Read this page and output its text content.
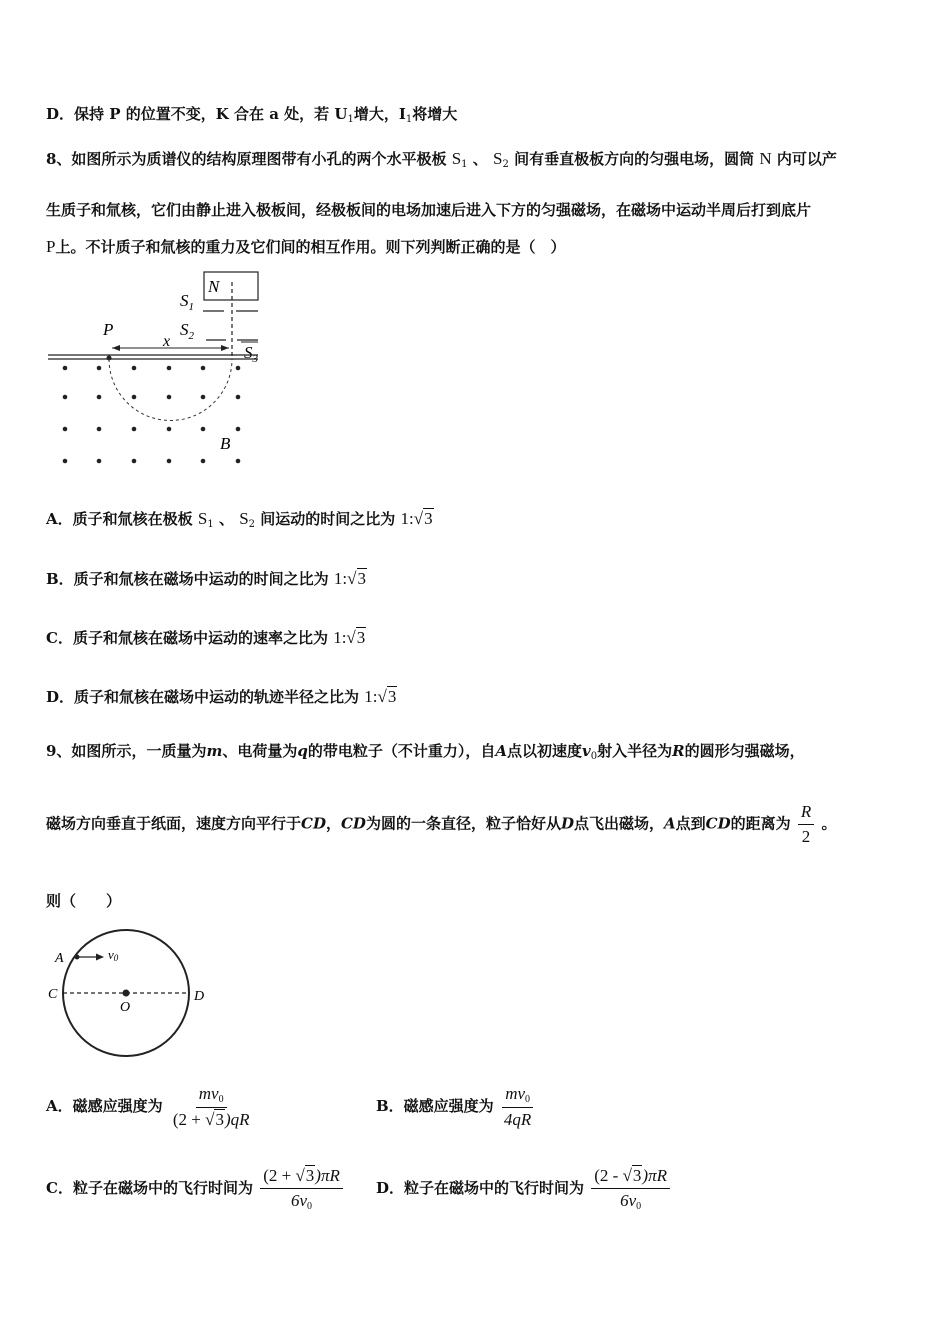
D．保持 P 的位置不变，K 合在 a 处，若 $U_1$增大，$I_1$将增大
8、如图所示为质谱仪的结构原理图带有小孔的两个水平极板 $S_1$ 、 $S_2$ 间有垂直极板方向的匀强电场，圆筒 N 内可以产
生质子和氚核，它们由静止进入极板间，经极板间的电场加速后进入下方的匀强磁场，在磁场中运动半周后打到底片
P上。不计质子和氚核的重力及它们间的相互作用。则下列判断正确的是（　）
N
$S_1$
$S_2$
$S_3$
P
x
B
A．质子和氚核在极板 $S_1$ 、 $S_2$ 间运动的时间之比为 1:√3
B．质子和氚核在磁场中运动的时间之比为 1:√3
C．质子和氚核在磁场中运动的速率之比为 1:√3
D．质子和氚核在磁场中运动的轨迹半径之比为 1:√3
9、如图所示，一质量为m、电荷量为q的带电粒子（不计重力），自A点以初速度$v_0$射入半径为R的圆形匀强磁场，
磁场方向垂直于纸面，速度方向平行于CD，CD为圆的一条直径，粒子恰好从D点飞出磁场，A点到CD的距离为 $\frac{R}{2}$ 。
则（　　）
A	v0
C
O
D
A．磁感应强度为 $\frac{mv_0}{(2 + √3)qR}$	B．磁感应强度为 $\frac{mv_0}{4qR}$
C．粒子在磁场中的飞行时间为 $\frac{(2 + √3)\pi R}{6v_0}$ D．粒子在磁场中的飞行时间为 $\frac{(2 - √3)\pi R}{6v_0}$
